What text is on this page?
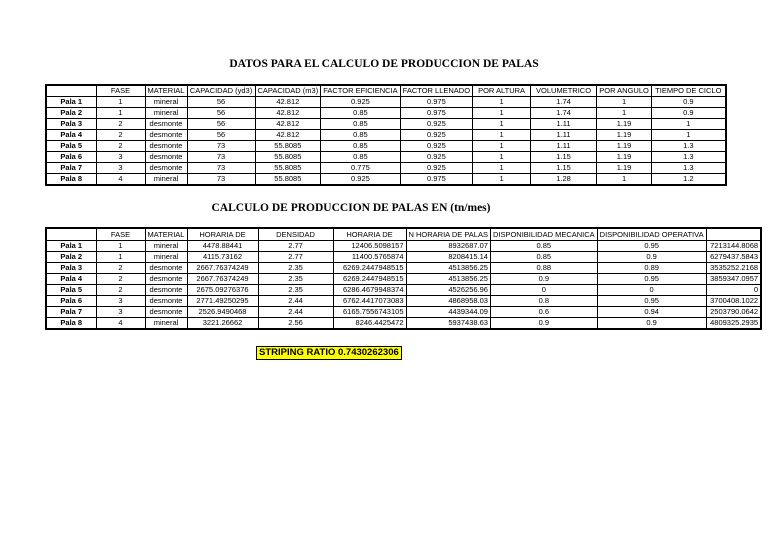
DATOS PARA EL CALCULO DE PRODUCCION DE PALAS
	FASE	MATERIAL	CAPACIDAD (yd3)	CAPACIDAD (m3)	FACTOR EFICIENCIA	FACTOR LLENADO	POR ALTURA	VOLUMETRICO	POR ANGULO	TIEMPO DE CICLO
Pala 1	1	mineral	56	42.812	0.925	0.975	1	1.74	1	0.9
Pala 2	1	mineral	56	42.812	0.85	0.975	1	1.74	1	0.9
Pala 3	2	desmonte	56	42.812	0.85	0.925	1	1.11	1.19	1
Pala 4	2	desmonte	56	42.812	0.85	0.925	1	1.11	1.19	1
Pala 5	2	desmonte	73	55.8085	0.85	0.925	1	1.11	1.19	1.3
Pala 6	3	desmonte	73	55.8085	0.85	0.925	1	1.15	1.19	1.3
Pala 7	3	desmonte	73	55.8085	0.775	0.925	1	1.15	1.19	1.3
Pala 8	4	mineral	73	55.8085	0.925	0.975	1	1.28	1	1.2
CALCULO DE PRODUCCION DE PALAS EN (tn/mes)
	FASE	MATERIAL	HORARIA DE	DENSIDAD	HORARIA DE	N HORARIA DE PALAS	DISPONIBILIDAD MECANICA	DISPONIBILIDAD OPERATIVA	
Pala 1	1	mineral	4478.88441	2.77	12406.5098157	8932687.07	0.85	0.95	7213144.8068
Pala 2	1	mineral	4115.73162	2.77	11400.5765874	8208415.14	0.85	0.9	6279437.5843
Pala 3	2	desmonte	2667.76374249	2.35	6269.2447948515	4513856.25	0.88	0.89	3535252.2168
Pala 4	2	desmonte	2667.76374249	2.35	6269.2447948515	4513856.25	0.9	0.95	3859347.0957
Pala 5	2	desmonte	2675.09276376	2.35	6286.4679948374	4526256.96	0	0	0
Pala 6	3	desmonte	2771.49250295	2.44	6762.4417073083	4868958.03	0.8	0.95	3700408.1022
Pala 7	3	desmonte	2526.9490468	2.44	6165.7556743105	4439344.09	0.6	0.94	2503790.0642
Pala 8	4	mineral	3221.26662	2.56	8246.4425472	5937438.63	0.9	0.9	4809325.2935
STRIPING RATIO 0.7430262306
